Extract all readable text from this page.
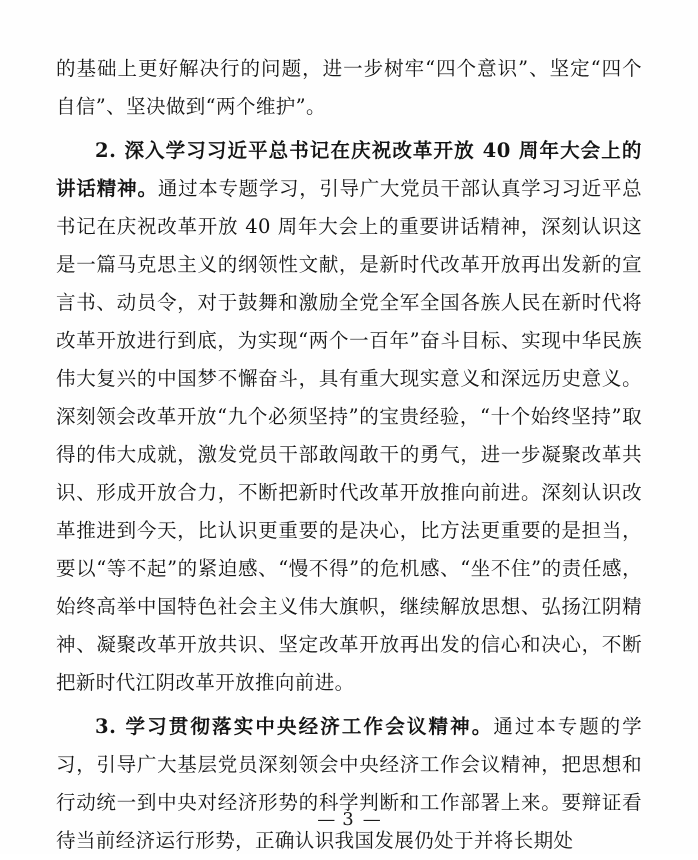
的基础上更好解决行的问题，进一步树牢“四个意识”、坚定“四个自信”、坚决做到“两个维护”。

2. 深入学习习近平总书记在庆祝改革开放 40 周年大会上的讲话精神。通过本专题学习，引导广大党员干部认真学习习近平总书记在庆祝改革开放 40 周年大会上的重要讲话精神，深刻认识这是一篇马克思主义的纲领性文献，是新时代改革开放再出发新的宣言书、动员令，对于鼓舞和激励全党全军全国各族人民在新时代将改革开放进行到底，为实现“两个一百年”奋斗目标、实现中华民族伟大复兴的中国梦不懈奋斗，具有重大现实意义和深远历史意义。深刻领会改革开放“九个必须坚持”的宝贵经验，“十个始终坚持”取得的伟大成就，激发党员干部敢闯敢干的勇气，进一步凝聚改革共识、形成开放合力，不断把新时代改革开放推向前进。深刻认识改革推进到今天，比认识更重要的是决心，比方法更重要的是担当，要以“等不起”的紧迫感、“慢不得”的危机感、“坐不住”的责任感，始终高举中国特色社会主义伟大旗帜，继续解放思想、弘扬江阴精神、凝聚改革开放共识、坚定改革开放再出发的信心和决心，不断把新时代江阴改革开放推向前进。

3. 学习贯彻落实中央经济工作会议精神。通过本专题的学习，引导广大基层党员深刻领会中央经济工作会议精神，把思想和行动统一到中央对经济形势的科学判断和工作部署上来。要辩证看待当前经济运行形势，正确认识我国发展仍处于并将长期处

— 3 —
